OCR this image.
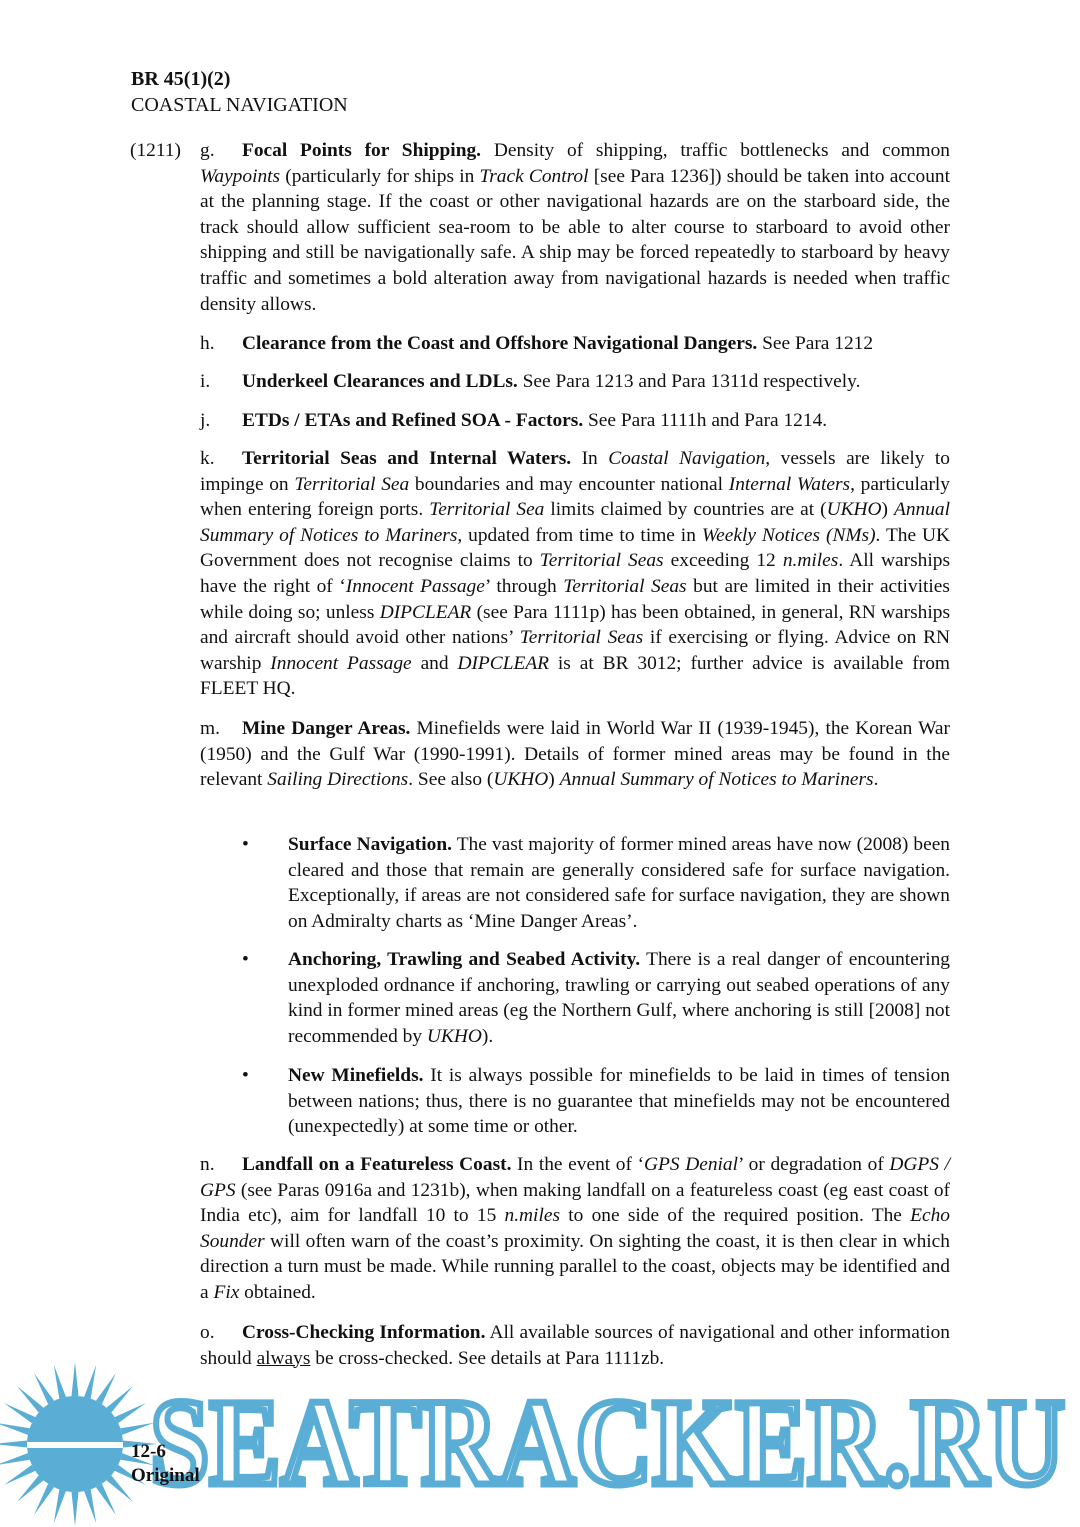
BR 45(1)(2)
COASTAL NAVIGATION
(1211) g. Focal Points for Shipping. Density of shipping, traffic bottlenecks and common Waypoints (particularly for ships in Track Control [see Para 1236]) should be taken into account at the planning stage. If the coast or other navigational hazards are on the starboard side, the track should allow sufficient sea-room to be able to alter course to starboard to avoid other shipping and still be navigationally safe. A ship may be forced repeatedly to starboard by heavy traffic and sometimes a bold alteration away from navigational hazards is needed when traffic density allows.
h. Clearance from the Coast and Offshore Navigational Dangers. See Para 1212
i. Underkeel Clearances and LDLs. See Para 1213 and Para 1311d respectively.
j. ETDs / ETAs and Refined SOA - Factors. See Para 1111h and Para 1214.
k. Territorial Seas and Internal Waters. In Coastal Navigation, vessels are likely to impinge on Territorial Sea boundaries and may encounter national Internal Waters, particularly when entering foreign ports. Territorial Sea limits claimed by countries are at (UKHO) Annual Summary of Notices to Mariners, updated from time to time in Weekly Notices (NMs). The UK Government does not recognise claims to Territorial Seas exceeding 12 n.miles. All warships have the right of ‘Innocent Passage’ through Territorial Seas but are limited in their activities while doing so; unless DIPCLEAR (see Para 1111p) has been obtained, in general, RN warships and aircraft should avoid other nations’ Territorial Seas if exercising or flying. Advice on RN warship Innocent Passage and DIPCLEAR is at BR 3012; further advice is available from FLEET HQ.
m. Mine Danger Areas. Minefields were laid in World War II (1939-1945), the Korean War (1950) and the Gulf War (1990-1991). Details of former mined areas may be found in the relevant Sailing Directions. See also (UKHO) Annual Summary of Notices to Mariners.
• Surface Navigation. The vast majority of former mined areas have now (2008) been cleared and those that remain are generally considered safe for surface navigation. Exceptionally, if areas are not considered safe for surface navigation, they are shown on Admiralty charts as ‘Mine Danger Areas’.
• Anchoring, Trawling and Seabed Activity. There is a real danger of encountering unexploded ordnance if anchoring, trawling or carrying out seabed operations of any kind in former mined areas (eg the Northern Gulf, where anchoring is still [2008] not recommended by UKHO).
• New Minefields. It is always possible for minefields to be laid in times of tension between nations; thus, there is no guarantee that minefields may not be encountered (unexpectedly) at some time or other.
n. Landfall on a Featureless Coast. In the event of ‘GPS Denial’ or degradation of DGPS / GPS (see Paras 0916a and 1231b), when making landfall on a featureless coast (eg east coast of India etc), aim for landfall 10 to 15 n.miles to one side of the required position. The Echo Sounder will often warn of the coast’s proximity. On sighting the coast, it is then clear in which direction a turn must be made. While running parallel to the coast, objects may be identified and a Fix obtained.
o. Cross-Checking Information. All available sources of navigational and other information should always be cross-checked. See details at Para 1111zb.
SEATRACKER.RU
12-6
Original
